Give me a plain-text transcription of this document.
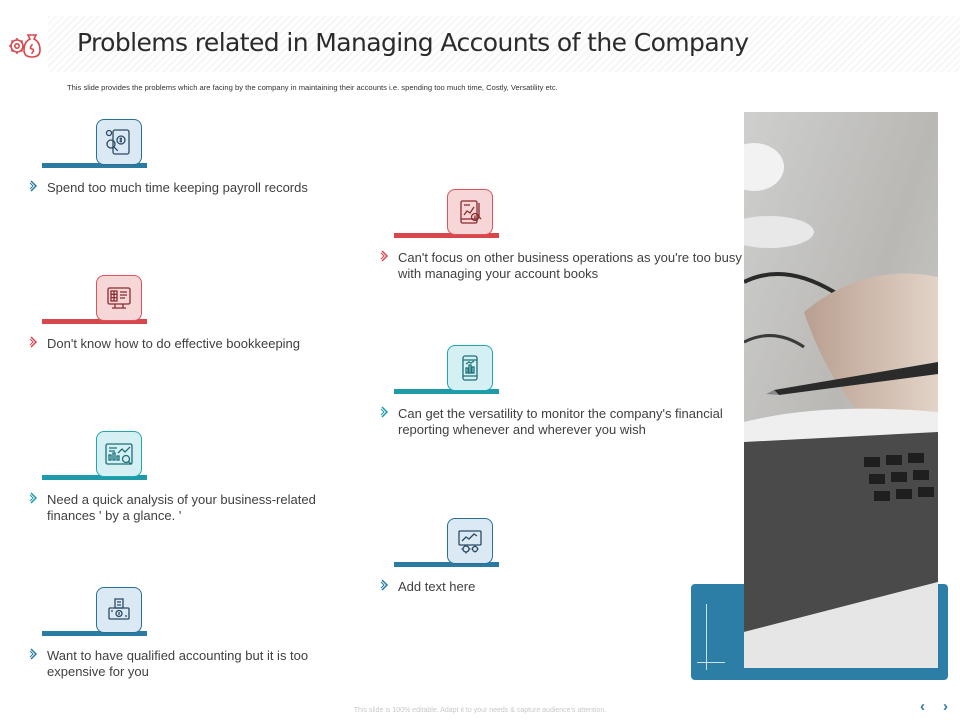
Problems related in Managing Accounts of the Company
This slide provides the problems which are facing by the company in maintaining their accounts i.e. spending too much time, Costly, Versatility etc.
Spend too much time keeping payroll records
Don't know how to do effective bookkeeping
Need a quick analysis of your business-related finances ' by a glance. '
Want to have qualified accounting but it is too expensive for you
Can't focus on other business operations as you're too busy with managing your account books
Can get the versatility to monitor the company's financial reporting whenever and wherever you wish
Add text here
This slide is 100% editable. Adapt it to your needs & capture audience's attention.	‹ ›
